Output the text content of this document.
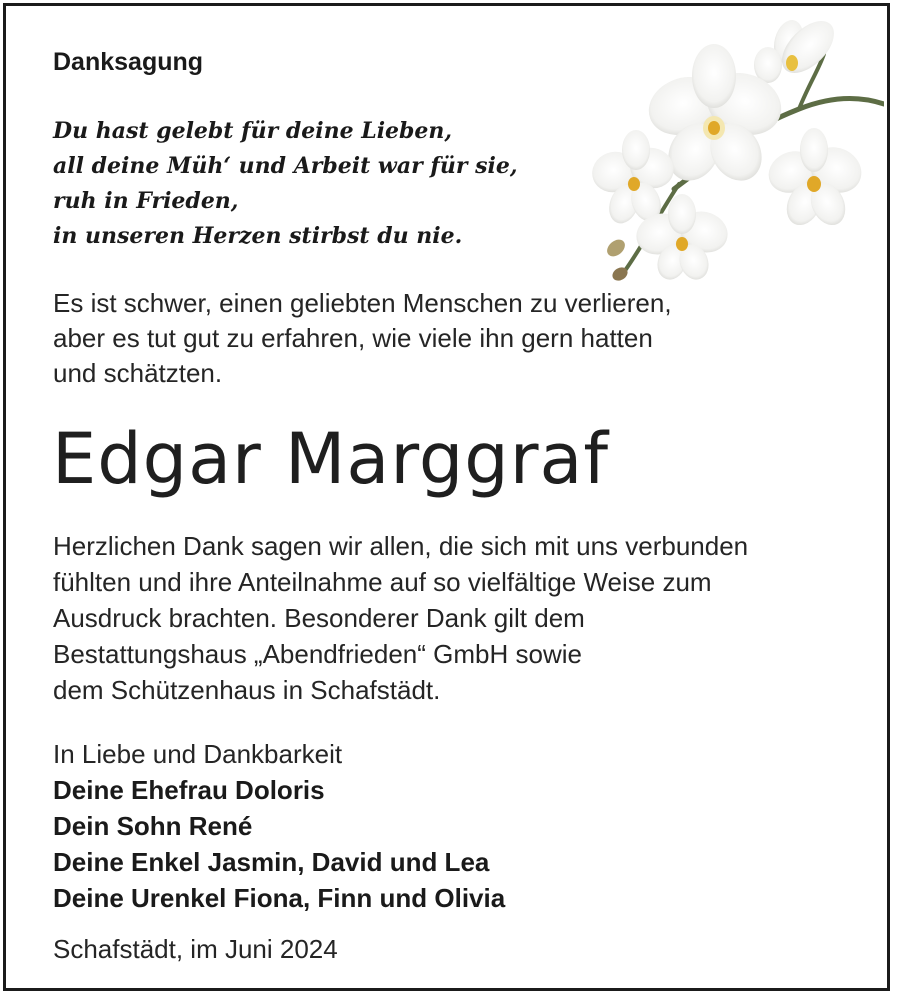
Danksagung
Du hast gelebt für deine Lieben,
all deine Müh‘ und Arbeit war für sie,
ruh in Frieden,
in unseren Herzen stirbst du nie.
Es ist schwer, einen geliebten Menschen zu verlieren,
aber es tut gut zu erfahren, wie viele ihn gern hatten
und schätzten.
Edgar Marggraf
Herzlichen Dank sagen wir allen, die sich mit uns verbunden
fühlten und ihre Anteilnahme auf so vielfältige Weise zum
Ausdruck brachten. Besonderer Dank gilt dem
Bestattungshaus „Abendfrieden“ GmbH sowie
dem Schützenhaus in Schafstädt.
In Liebe und Dankbarkeit
Deine Ehefrau Doloris
Dein Sohn René
Deine Enkel Jasmin, David und Lea
Deine Urenkel Fiona, Finn und Olivia
Schafstädt, im Juni 2024
